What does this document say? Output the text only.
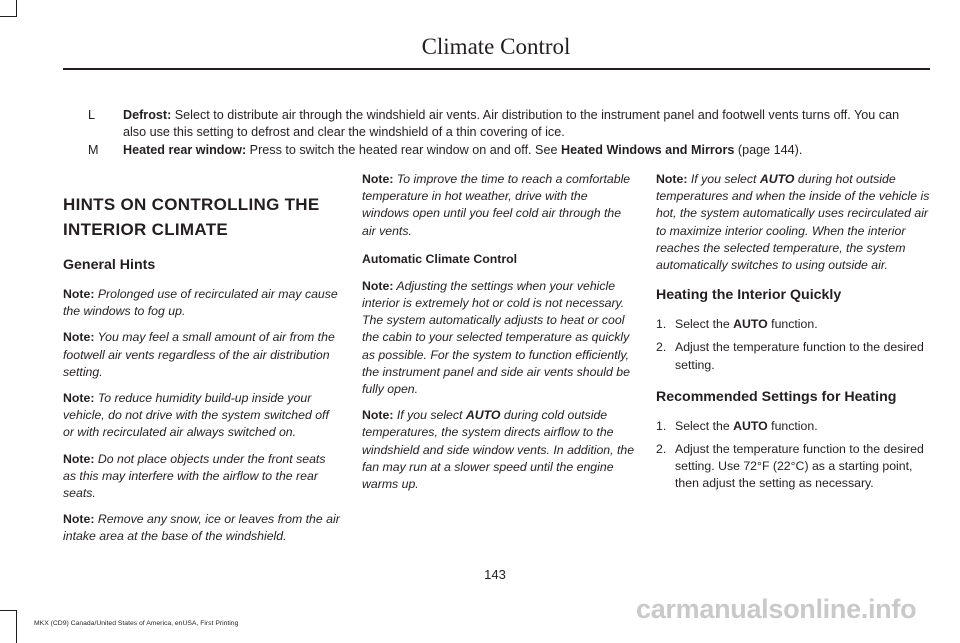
Climate Control
L	Defrost: Select to distribute air through the windshield air vents. Air distribution to the instrument panel and footwell vents turns off. You can also use this setting to defrost and clear the windshield of a thin covering of ice.
M	Heated rear window: Press to switch the heated rear window on and off. See Heated Windows and Mirrors (page 144).
HINTS ON CONTROLLING THE
INTERIOR CLIMATE
General Hints

Note: Prolonged use of recirculated air may cause the windows to fog up.

Note: You may feel a small amount of air from the footwell air vents regardless of the air distribution setting.

Note: To reduce humidity build-up inside your vehicle, do not drive with the system switched off or with recirculated air always switched on.

Note: Do not place objects under the front seats as this may interfere with the airflow to the rear seats.

Note: Remove any snow, ice or leaves from the air intake area at the base of the windshield.

Note: To improve the time to reach a comfortable temperature in hot weather, drive with the windows open until you feel cold air through the air vents.

Automatic Climate Control

Note: Adjusting the settings when your vehicle interior is extremely hot or cold is not necessary. The system automatically adjusts to heat or cool the cabin to your selected temperature as quickly as possible. For the system to function efficiently, the instrument panel and side air vents should be fully open.

Note: If you select AUTO during cold outside temperatures, the system directs airflow to the windshield and side window vents. In addition, the fan may run at a slower speed until the engine warms up.

Note: If you select AUTO during hot outside temperatures and when the inside of the vehicle is hot, the system automatically uses recirculated air to maximize interior cooling. When the interior reaches the selected temperature, the system automatically switches to using outside air.

Heating the Interior Quickly
1. Select the AUTO function.
2. Adjust the temperature function to the desired setting.
Recommended Settings for Heating
1. Select the AUTO function.
2. Adjust the temperature function to the desired setting. Use 72°F (22°C) as a starting point, then adjust the setting as necessary.
143
MKX (CD9) Canada/United States of America, enUSA, First Printing	carmanualsonline.info
